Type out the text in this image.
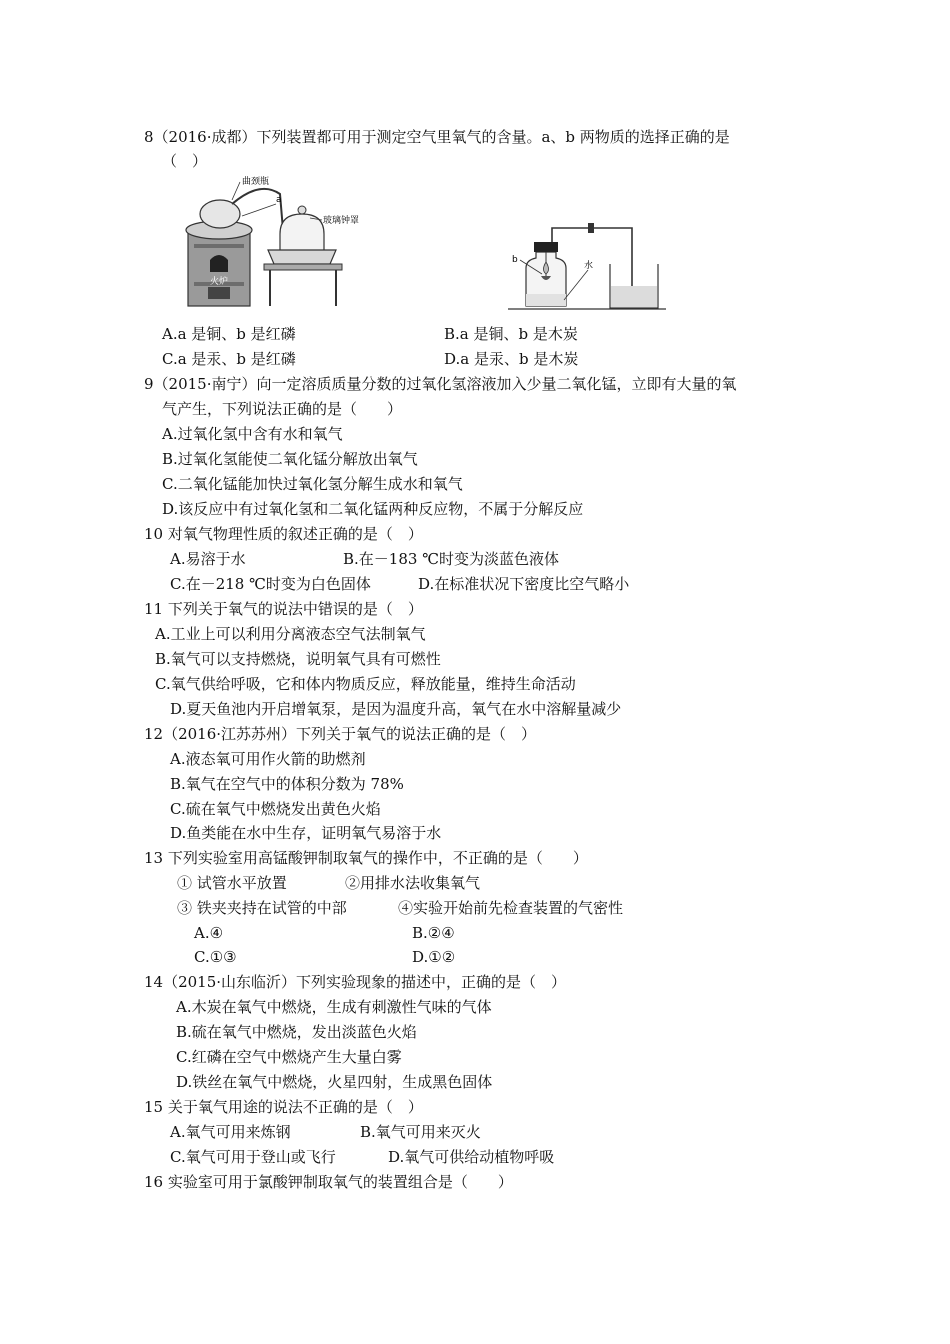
8（2016·成都）下列装置都可用于测定空气里氧气的含量。a、b 两物质的选择正确的是
（　）
火炉
曲颈瓶
a
玻璃钟罩
b
水
A.a 是铜、b 是红磷	B.a 是铜、b 是木炭
C.a 是汞、b 是红磷	D.a 是汞、b 是木炭
9（2015·南宁）向一定溶质质量分数的过氧化氢溶液加入少量二氧化锰，立即有大量的氧
气产生，下列说法正确的是（　　）
A.过氧化氢中含有水和氧气
B.过氧化氢能使二氧化锰分解放出氧气
C.二氧化锰能加快过氧化氢分解生成水和氧气
D.该反应中有过氧化氢和二氧化锰两种反应物，不属于分解反应
10 对氧气物理性质的叙述正确的是（　）
A.易溶于水	B.在－183 ℃时变为淡蓝色液体
C.在－218 ℃时变为白色固体	D.在标准状况下密度比空气略小
11 下列关于氧气的说法中错误的是（　）
A.工业上可以利用分离液态空气法制氧气
B.氧气可以支持燃烧，说明氧气具有可燃性
C.氧气供给呼吸，它和体内物质反应，释放能量，维持生命活动
D.夏天鱼池内开启增氧泵，是因为温度升高，氧气在水中溶解量减少
12（2016·江苏苏州）下列关于氧气的说法正确的是（　）
A.液态氧可用作火箭的助燃剂
B.氧气在空气中的体积分数为 78%
C.硫在氧气中燃烧发出黄色火焰
D.鱼类能在水中生存，证明氧气易溶于水
13 下列实验室用高锰酸钾制取氧气的操作中，不正确的是（　　）
① 试管水平放置	②用排水法收集氧气
③ 铁夹夹持在试管的中部	④实验开始前先检查装置的气密性
A.④	B.②④
C.①③	D.①②
14（2015·山东临沂）下列实验现象的描述中，正确的是（　）
A.木炭在氧气中燃烧，生成有刺激性气味的气体
B.硫在氧气中燃烧，发出淡蓝色火焰
C.红磷在空气中燃烧产生大量白雾
D.铁丝在氧气中燃烧，火星四射，生成黑色固体
15 关于氧气用途的说法不正确的是（　）
A.氧气可用来炼钢	B.氧气可用来灭火
C.氧气可用于登山或飞行	D.氧气可供给动植物呼吸
16 实验室可用于氯酸钾制取氧气的装置组合是（　　）
